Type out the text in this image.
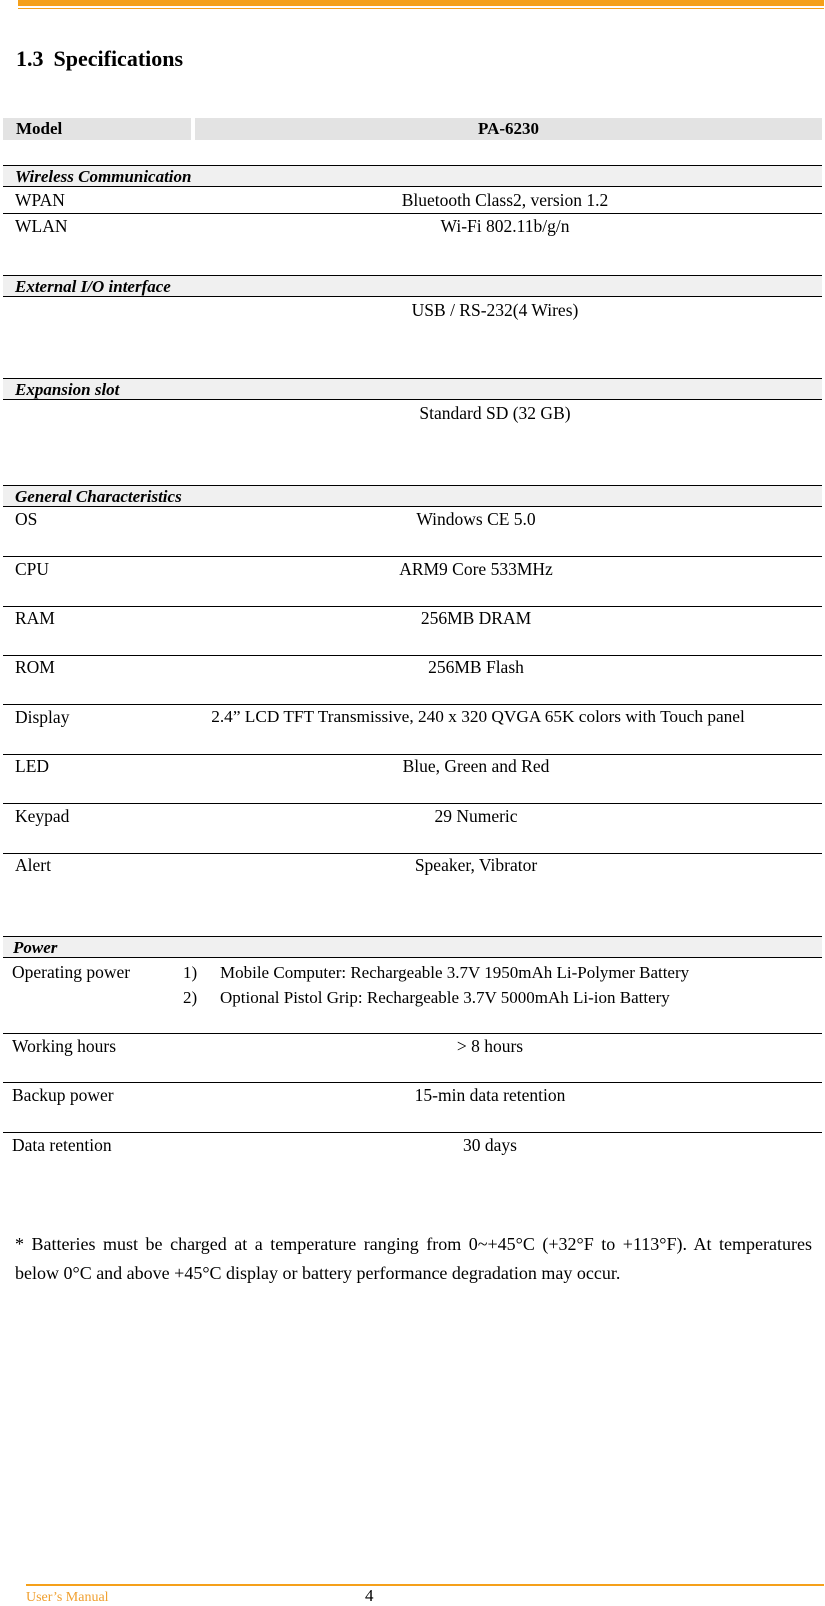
1.3 Specifications
Model	PA-6230
Wireless Communication
WPAN	Bluetooth Class2, version 1.2
WLAN	Wi-Fi 802.11b/g/n
External I/O interface
USB / RS-232(4 Wires)
Expansion slot
Standard SD (32 GB)
General Characteristics
OS	Windows CE 5.0
CPU	ARM9 Core 533MHz
RAM	256MB DRAM
ROM	256MB Flash
Display	2.4” LCD TFT Transmissive, 240 x 320 QVGA 65K colors with Touch panel
LED	Blue, Green and Red
Keypad	29 Numeric
Alert	Speaker, Vibrator
Power
Operating power	1)	Mobile Computer: Rechargeable 3.7V 1950mAh Li-Polymer Battery
2)	Optional Pistol Grip: Rechargeable 3.7V 5000mAh Li-ion Battery
Working hours	> 8 hours
Backup power	15-min data retention
Data retention	30 days
* Batteries must be charged at a temperature ranging from 0~+45°C (+32°F to +113°F). At temperatures below 0°C and above +45°C display or battery performance degradation may occur.
User’s Manual	4
